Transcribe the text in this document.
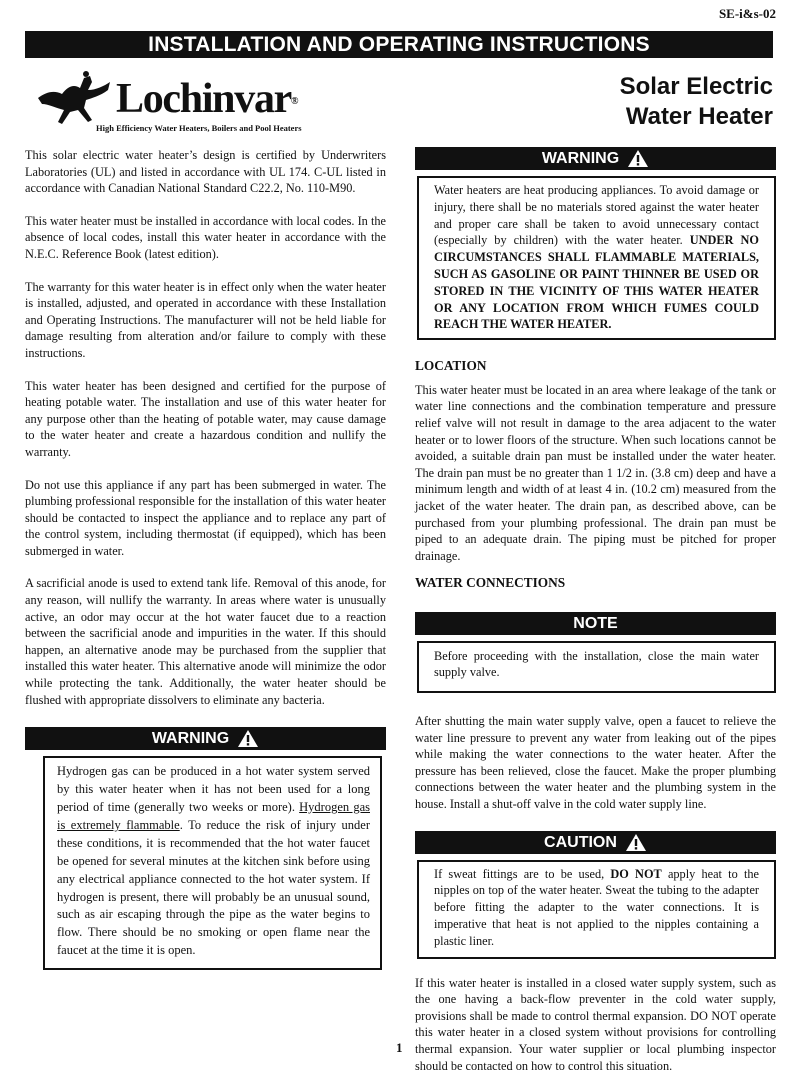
SE-i&s-02
INSTALLATION AND OPERATING INSTRUCTIONS
Lochinvar®
High Efficiency Water Heaters, Boilers and Pool Heaters
Solar Electric
Water Heater

This solar electric water heater’s design is certified by Underwriters Laboratories (UL) and listed in accordance with UL 174. C-UL listed in accordance with Canadian National Standard C22.2, No. 110-M90.

This water heater must be installed in accordance with local codes. In the absence of local codes, install this water heater in accordance with the N.E.C. Reference Book (latest edition).

The warranty for this water heater is in effect only when the water heater is installed, adjusted, and operated in accordance with these Installation and Operating Instructions. The manufacturer will not be held liable for damage resulting from alteration and/or failure to comply with these instructions.

This water heater has been designed and certified for the purpose of heating potable water. The installation and use of this water heater for any purpose other than the heating of potable water, may cause damage to the water heater and create a hazardous condition and nullify the warranty.

Do not use this appliance if any part has been submerged in water. The plumbing professional responsible for the installation of this water heater should be contacted to inspect the appliance and to replace any part of the control system, including thermostat (if equipped), which has been submerged in water.

A sacrificial anode is used to extend tank life. Removal of this anode, for any reason, will nullify the warranty. In areas where water is unusually active, an odor may occur at the hot water faucet due to a reaction between the sacrificial anode and impurities in the water. If this should happen, an alternative anode may be purchased from the supplier that installed this water heater. This alternative anode will minimize the odor while protecting the tank. Additionally, the water heater should be flushed with appropriate dissolvers to eliminate any bacteria.

WARNING

Hydrogen gas can be produced in a hot water system served by this water heater when it has not been used for a long period of time (generally two weeks or more). Hydrogen gas is extremely flammable. To reduce the risk of injury under these conditions, it is recommended that the hot water faucet be opened for several minutes at the kitchen sink before using any electrical appliance connected to the hot water system. If hydrogen is present, there will probably be an unusual sound, such as air escaping through the pipe as the water begins to flow. There should be no smoking or open flame near the faucet at the time it is open.

WARNING

Water heaters are heat producing appliances. To avoid damage or injury, there shall be no materials stored against the water heater and proper care shall be taken to avoid unnecessary contact (especially by children) with the water heater. UNDER NO CIRCUMSTANCES SHALL FLAMMABLE MATERIALS, SUCH AS GASOLINE OR PAINT THINNER BE USED OR STORED IN THE VICINITY OF THIS WATER HEATER OR ANY LOCATION FROM WHICH FUMES COULD REACH THE WATER HEATER.

LOCATION

This water heater must be located in an area where leakage of the tank or water line connections and the combination temperature and pressure relief valve will not result in damage to the area adjacent to the water heater or to lower floors of the structure. When such locations cannot be avoided, a suitable drain pan must be installed under the water heater. The drain pan must be no greater than 1 1/2 in. (3.8 cm) deep and have a minimum length and width of at least 4 in. (10.2 cm) measured from the jacket of the water heater. The drain pan, as described above, can be purchased from your plumbing professional. The drain pan must be piped to an adequate drain. The piping must be pitched for proper drainage.

WATER CONNECTIONS
NOTE

Before proceeding with the installation, close the main water supply valve.

After shutting the main water supply valve, open a faucet to relieve the water line pressure to prevent any water from leaking out of the pipes while making the water connections to the water heater. After the pressure has been relieved, close the faucet. Make the proper plumbing connections between the water heater and the plumbing system in the house. Install a shut-off valve in the cold water supply line.

CAUTION

If sweat fittings are to be used, DO NOT apply heat to the nipples on top of the water heater. Sweat the tubing to the adapter before fitting the adapter to the water connections. It is imperative that heat is not applied to the nipples containing a plastic liner.

If this water heater is installed in a closed water supply system, such as the one having a back-flow preventer in the cold water supply, provisions shall be made to control thermal expansion. DO NOT operate this water heater in a closed system without provisions for controlling thermal expansion. Your water supplier or local plumbing inspector should be contacted on how to control this situation.

1
